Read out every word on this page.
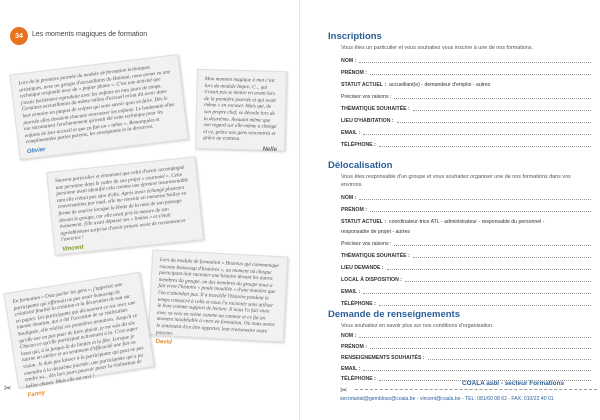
34	Les moments magiques de formation
Lors de la première journée du module de formation techniques artistiques, avec un groupe d'accueillants du Hainaut, nous avons vu une technique originale avec du « papier plume ». C'est une activité que j'avais facilement reproduite avec les enfants en mes jours de temps. Certaines accueillantes du même milieu d'accueil m'ont dit avoir dans leur armoire un paquet de crépon qui sons savoir quoi en faire. Dès le journée elles devaient chacune rencontrer les enfants. Le lendemain elles me racontaient l'enchantement qu'avait été cette technique pour les enfants de leur accueil et que ça fait un « tabac ». Remarquées et complimentées parles parents, les enseignants et la directrice.
Olivier
Mon moment magique à moi c'est lors du module Impro. C... qui n'osait pas se mettre en avant lors de la première journée et qui avait même « en excuser. Mais qui, de son propre chef, se dévoile lors de la deuxième. Avouant même que son regard sur elle-même a changé et ce, grâce aux gens rencontrés et grâce au contenu.
Nelle
Souvent particulier et émouvant que celui d'avoir accompagné une personne dans le cadre de son projet « couronné ». Cette personne avait identifié cela comme une épreuve insurmontable tant elle n'était pas sûre d'elle. Après avoir échangé plusieurs conversations par mail, elle me renvoie un immense Smiley en forme de sourire lorsque la Hotte de la note de son passage devant le groupe, car elle avait pris la mesure de son évènement. Elle avait dépassé ses « limites » et s'était agréablement surprise d'avoir prouvé envie de recommencer l'exercice !
Vincent
Lors du module de formation « Heureux qui communique raconte beaucoup d'histoires », au moment où chaque participant doit raconter une histoire devant les autres membres du groupe, un des membres du groupe nous a fait vivre l'histoire « poule mouillée » d'une manière que l'on n'attendait pas. Il a travaillé l'histoire pendant le temps consacré à celle et nous l'a racontée sans utiliser le livre comme support de lecture. Il nous l'a fait vivre avec sa voix en scène comme un conteur et ce fut un moment inoubliable à vivre en formation. Où nous avons le sentiment d'en être apporter, leur transmettre notre passion.
David
En formation « Osez parler les gens », j'apprécie une participante qui affirmait ne pas avoir beaucoup de créativité finalisé la création et la décoration de son sac en papier. Les participants qui découvrent ce sac avec une intense émotion, qui a été l'occasion de sa réalisation. Soulignée, elle réalisé ses premières tentatives. Jusqu'à ce qu'elle ose un pas pour de faire plaisir, je me suis dit sûr. Chacun ce qu'elle participait activement à la. C'est super beau qui, à la jusque-là de limitée et la fête. Lorsque je tourne un atelier et un sentiment d'efficacité une fois sa vision. Je dois pas laisser à la participante qui peut ne pas entendre à la deuxième journée, une participante qui a pu tendre sa... dès lors jours pouvoir poser la réalisation de belles choses. Mais elle est ravi !
Fanny
✂
Inscriptions
Vous êtes un particulier et vous souhaitez vous inscrire à une de nos formations.
NOM :
PRÉNOM :
STATUT ACTUEL : accueillant(e) - demandeur d'emploi - autres
Précisez vos raisons :
THÉMATIQUE SOUHAITÉE :
LIEU D'HABITATION :
EMAIL :
TÉLÉPHONE :
Délocalisation
Vous êtes responsable d'un groupe et vous souhaitez organiser une de nos formations dans vos environs.
NOM :
PRÉNOM :
STATUT ACTUEL : coordinateur-trice ATL - administrateur - responsable du personnel -
responsable de projet - autres
Précisez vos raisons :
THÉMATIQUE SOUHAITÉE :
LIEU DEMANDE :
LOCAL À DISPOSITION :
EMAIL :
TÉLÉPHONE :
Demande de renseignements
Vous souhaitez en savoir plus sur nos conditions d'organisation.
NOM :
PRÉNOM :
RENSEIGNEMENTS SOUHAITÉS :
EMAIL :
TÉLÉPHONE :
COALA asbl - secteur Formations
✂
secretariat@gembloux@coala.be - vincent@coala.be - TEL: 081/60 08 62 - FAX: 010/22 40 01
